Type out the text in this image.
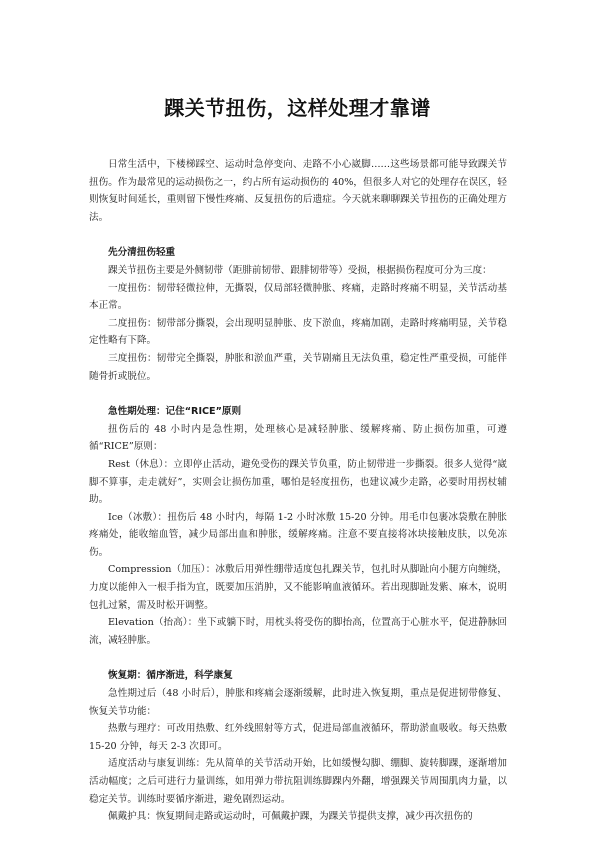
踝关节扭伤，这样处理才靠谱

日常生活中，下楼梯踩空、运动时急停变向、走路不小心崴脚……这些场景都可能导致踝关节扭伤。作为最常见的运动损伤之一，约占所有运动损伤的 40%，但很多人对它的处理存在误区，轻则恢复时间延长，重则留下慢性疼痛、反复扭伤的后遗症。今天就来聊聊踝关节扭伤的正确处理方法。

先分清扭伤轻重

踝关节扭伤主要是外侧韧带（距腓前韧带、跟腓韧带等）受损，根据损伤程度可分为三度：

一度扭伤：韧带轻微拉伸，无撕裂，仅局部轻微肿胀、疼痛，走路时疼痛不明显，关节活动基本正常。

二度扭伤：韧带部分撕裂，会出现明显肿胀、皮下淤血，疼痛加剧，走路时疼痛明显，关节稳定性略有下降。

三度扭伤：韧带完全撕裂，肿胀和淤血严重，关节剧痛且无法负重，稳定性严重受损，可能伴随骨折或脱位。

急性期处理：记住“RICE”原则

扭伤后的 48 小时内是急性期，处理核心是减轻肿胀、缓解疼痛、防止损伤加重，可遵循“RICE”原则：

Rest（休息）：立即停止活动，避免受伤的踝关节负重，防止韧带进一步撕裂。很多人觉得“崴脚不算事，走走就好”，实则会让损伤加重，哪怕是轻度扭伤，也建议减少走路，必要时用拐杖辅助。

Ice（冰敷）：扭伤后 48 小时内，每隔 1-2 小时冰敷 15-20 分钟。用毛巾包裹冰袋敷在肿胀疼痛处，能收缩血管，减少局部出血和肿胀，缓解疼痛。注意不要直接将冰块接触皮肤，以免冻伤。

Compression（加压）：冰敷后用弹性绷带适度包扎踝关节，包扎时从脚趾向小腿方向缠绕，力度以能伸入一根手指为宜，既要加压消肿，又不能影响血液循环。若出现脚趾发紫、麻木，说明包扎过紧，需及时松开调整。

Elevation（抬高）：坐下或躺下时，用枕头将受伤的脚抬高，位置高于心脏水平，促进静脉回流，减轻肿胀。

恢复期：循序渐进，科学康复

急性期过后（48 小时后），肿胀和疼痛会逐渐缓解，此时进入恢复期，重点是促进韧带修复、恢复关节功能：

热敷与理疗：可改用热敷、红外线照射等方式，促进局部血液循环，帮助淤血吸收。每天热敷 15-20 分钟，每天 2-3 次即可。

适度活动与康复训练：先从简单的关节活动开始，比如缓慢勾脚、绷脚、旋转脚踝，逐渐增加活动幅度；之后可进行力量训练，如用弹力带抗阻训练脚踝内外翻，增强踝关节周围肌肉力量，以稳定关节。训练时要循序渐进，避免剧烈运动。

佩戴护具：恢复期间走路或运动时，可佩戴护踝，为踝关节提供支撑，减少再次扭伤的
